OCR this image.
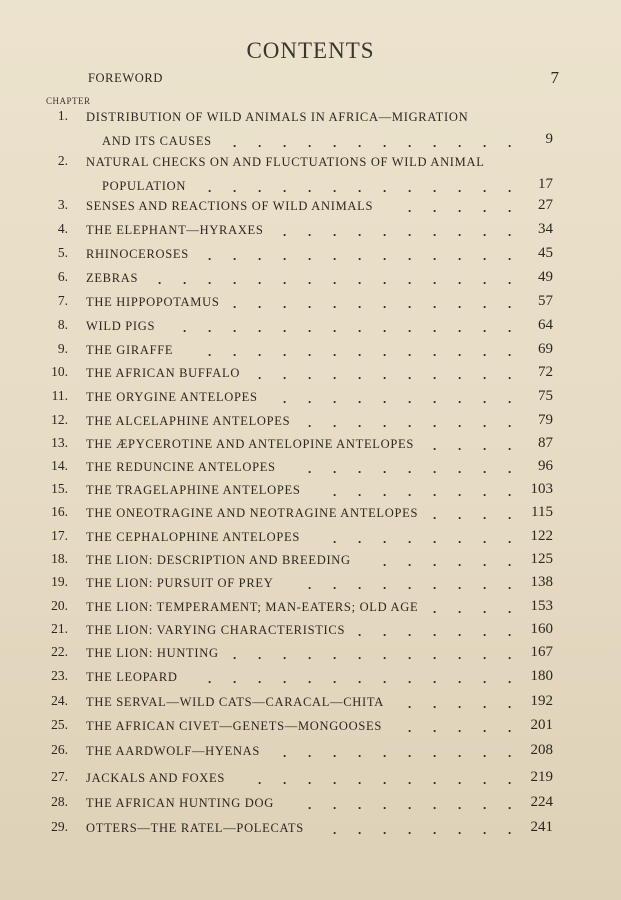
CONTENTS
FOREWORD	7
CHAPTER
1. DISTRIBUTION OF WILD ANIMALS IN AFRICA—MIGRATION
AND ITS CAUSES	9
. . . . . . . . . . . .
2. NATURAL CHECKS ON AND FLUCTUATIONS OF WILD ANIMAL
POPULATION	17
. . . . . . . . . . . . .
3. SENSES AND REACTIONS OF WILD ANIMALS	27
. . . . .
4. THE ELEPHANT—HYRAXES	34
. . . . . . . . . .
5. RHINOCEROSES	45
. . . . . . . . . . . . .
6. ZEBRAS	49
. . . . . . . . . . . . . . .
7. THE HIPPOPOTAMUS	57
. . . . . . . . . . . .
8. WILD PIGS	64
. . . . . . . . . . . . . .
9. THE GIRAFFE	69
. . . . . . . . . . . . .
10. THE AFRICAN BUFFALO	72
. . . . . . . . . . .
11. THE ORYGINE ANTELOPES	75
. . . . . . . . . .
12. THE ALCELAPHINE ANTELOPES	79
. . . . . . . . .
13. THE ÆPYCEROTINE AND ANTELOPINE ANTELOPES	87
. . . .
14. THE REDUNCINE ANTELOPES	96
. . . . . . . . .
15. THE TRAGELAPHINE ANTELOPES	103
. . . . . . . .
16. THE ONEOTRAGINE AND NEOTRAGINE ANTELOPES	115
. . . .
17. THE CEPHALOPHINE ANTELOPES	122
. . . . . . . .
18. THE LION: DESCRIPTION AND BREEDING	125
. . . . . .
19. THE LION: PURSUIT OF PREY	138
. . . . . . . . .
20. THE LION: TEMPERAMENT; MAN-EATERS; OLD AGE	153
. . . .
21. THE LION: VARYING CHARACTERISTICS	160
. . . . . . .
22. THE LION: HUNTING	167
. . . . . . . . . . . .
23. THE LEOPARD	180
. . . . . . . . . . . . .
24. THE SERVAL—WILD CATS—CARACAL—CHITA	192
. . . . .
25. THE AFRICAN CIVET—GENETS—MONGOOSES	201
. . . . .
26. THE AARDWOLF—HYENAS	208
. . . . . . . . . .
27. JACKALS AND FOXES	219
. . . . . . . . . . .
28. THE AFRICAN HUNTING DOG	224
. . . . . . . . .
29. OTTERS—THE RATEL—POLECATS	241
. . . . . . . .
